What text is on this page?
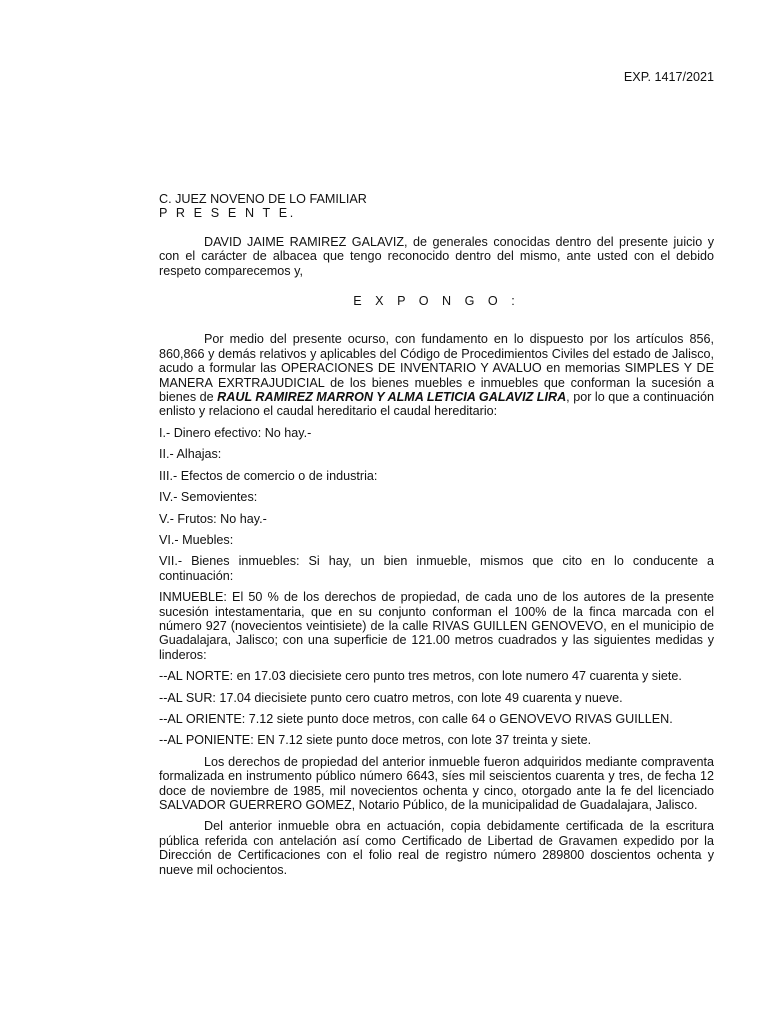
EXP. 1417/2021
C. JUEZ NOVENO DE LO FAMILIAR
P R E S E N T E.

DAVID JAIME RAMIREZ GALAVIZ, de generales conocidas dentro del presente juicio y con el carácter de albacea que tengo reconocido dentro del mismo, ante usted con el debido respeto comparecemos y,

E X P O N G O :

Por medio del presente ocurso, con fundamento en lo dispuesto por los artículos 856, 860,866 y demás relativos y aplicables del Código de Procedimientos Civiles del estado de Jalisco, acudo a formular las OPERACIONES DE INVENTARIO Y AVALUO en memorias SIMPLES Y DE MANERA EXRTRAJUDICIAL de los bienes muebles e inmuebles que conforman la sucesión a bienes de RAUL RAMIREZ MARRON Y ALMA LETICIA GALAVIZ LIRA, por lo que a continuación enlisto y relaciono el caudal hereditario el caudal hereditario:

I.- Dinero efectivo: No hay.-

II.- Alhajas:

III.- Efectos de comercio o de industria:

IV.- Semovientes:

V.- Frutos: No hay.-

VI.- Muebles:

VII.- Bienes inmuebles: Si hay, un bien inmueble, mismos que cito en lo conducente a continuación:

INMUEBLE: El 50 % de los derechos de propiedad, de cada uno de los autores de la presente sucesión intestamentaria, que en su conjunto conforman el 100% de la finca marcada con el número 927 (novecientos veintisiete) de la calle RIVAS GUILLEN GENOVEVO, en el municipio de Guadalajara, Jalisco; con una superficie de 121.00 metros cuadrados y las siguientes medidas y linderos:

--AL NORTE: en 17.03 diecisiete cero punto tres metros, con lote numero 47 cuarenta y siete.

--AL SUR: 17.04 diecisiete punto cero cuatro metros, con lote 49 cuarenta y nueve.

--AL ORIENTE: 7.12 siete punto doce metros, con calle 64 o GENOVEVO RIVAS GUILLEN.

--AL PONIENTE: EN 7.12 siete punto doce metros, con lote 37 treinta y siete.

Los derechos de propiedad del anterior inmueble fueron adquiridos mediante compraventa formalizada en instrumento público número 6643, síes mil seiscientos cuarenta y tres, de fecha 12 doce de noviembre de 1985, mil novecientos ochenta y cinco, otorgado ante la fe del licenciado SALVADOR GUERRERO GOMEZ, Notario Público, de la municipalidad de Guadalajara, Jalisco.

Del anterior inmueble obra en actuación, copia debidamente certificada de la escritura pública referida con antelación así como Certificado de Libertad de Gravamen expedido por la Dirección de Certificaciones con el folio real de registro número 289800 doscientos ochenta y nueve mil ochocientos.
